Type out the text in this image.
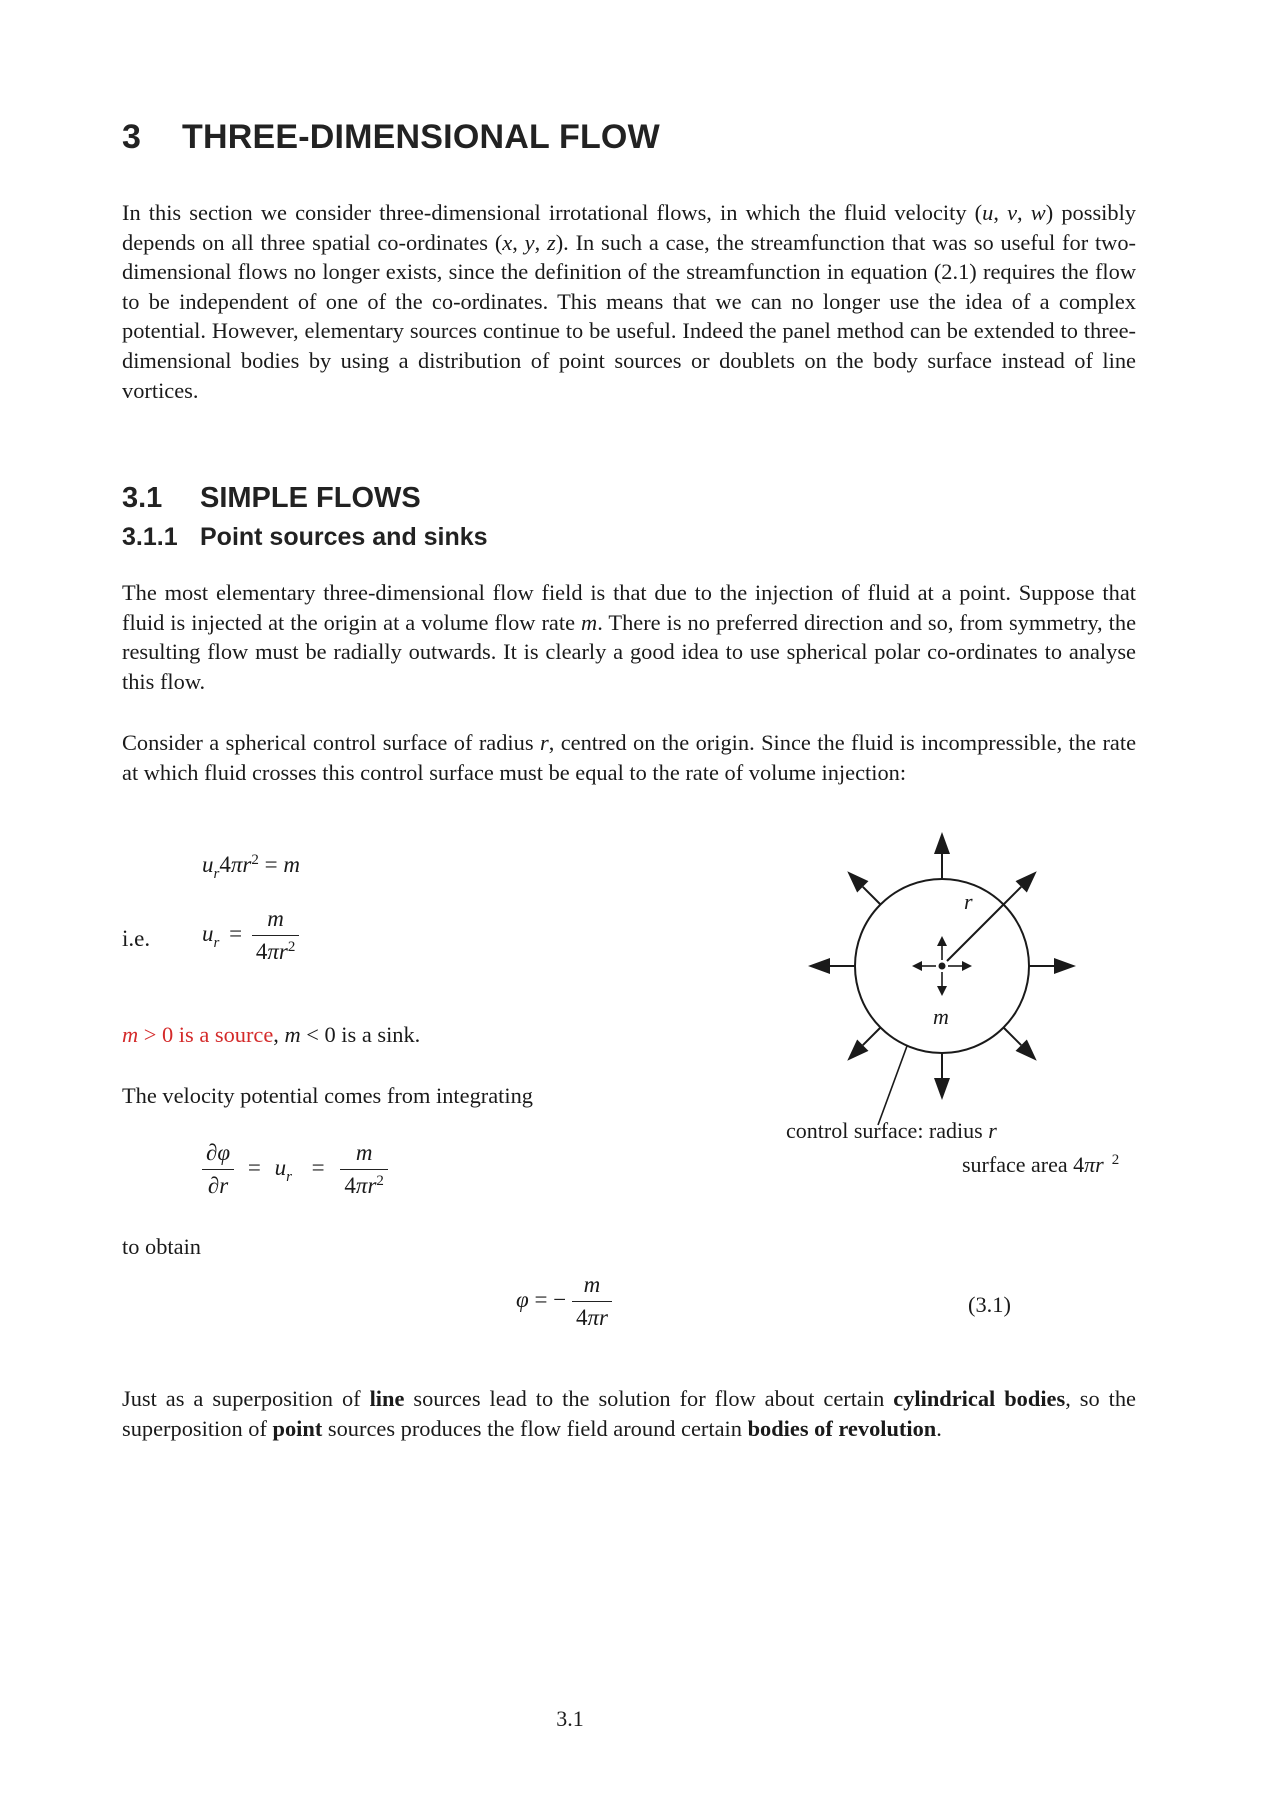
3 THREE-DIMENSIONAL FLOW

In this section we consider three-dimensional irrotational flows, in which the fluid velocity (u, v, w) possibly depends on all three spatial co-ordinates (x, y, z). In such a case, the streamfunction that was so useful for two-dimensional flows no longer exists, since the definition of the streamfunction in equation (2.1) requires the flow to be independent of one of the co-ordinates. This means that we can no longer use the idea of a complex potential. However, elementary sources continue to be useful. Indeed the panel method can be extended to three-dimensional bodies by using a distribution of point sources or doublets on the body surface instead of line vortices.

3.1 SIMPLE FLOWS
3.1.1 Point sources and sinks

The most elementary three-dimensional flow field is that due to the injection of fluid at a point. Suppose that fluid is injected at the origin at a volume flow rate m. There is no preferred direction and so, from symmetry, the resulting flow must be radially outwards. It is clearly a good idea to use spherical polar co-ordinates to analyse this flow.

Consider a spherical control surface of radius r, centred on the origin. Since the fluid is incompressible, the rate at which fluid crosses this control surface must be equal to the rate of volume injection:

$u_r4\pi r^2 = m$
i.e. $u_r = \frac{m}{4\pi r^2}$
m > 0 is a source, m < 0 is a sink.

The velocity potential comes from integrating

$\frac{\partial\varphi}{\partial r} = u_r = \frac{m}{4\pi r^2}$

to obtain

φ = − $\frac{m}{4\pi r}$	(3.1)

Just as a superposition of line sources lead to the solution for flow about certain cylindrical bodies, so the superposition of point sources produces the flow field around certain bodies of revolution.

r
m
control surface: radius r
surface area 4πr $^2$
3.1
